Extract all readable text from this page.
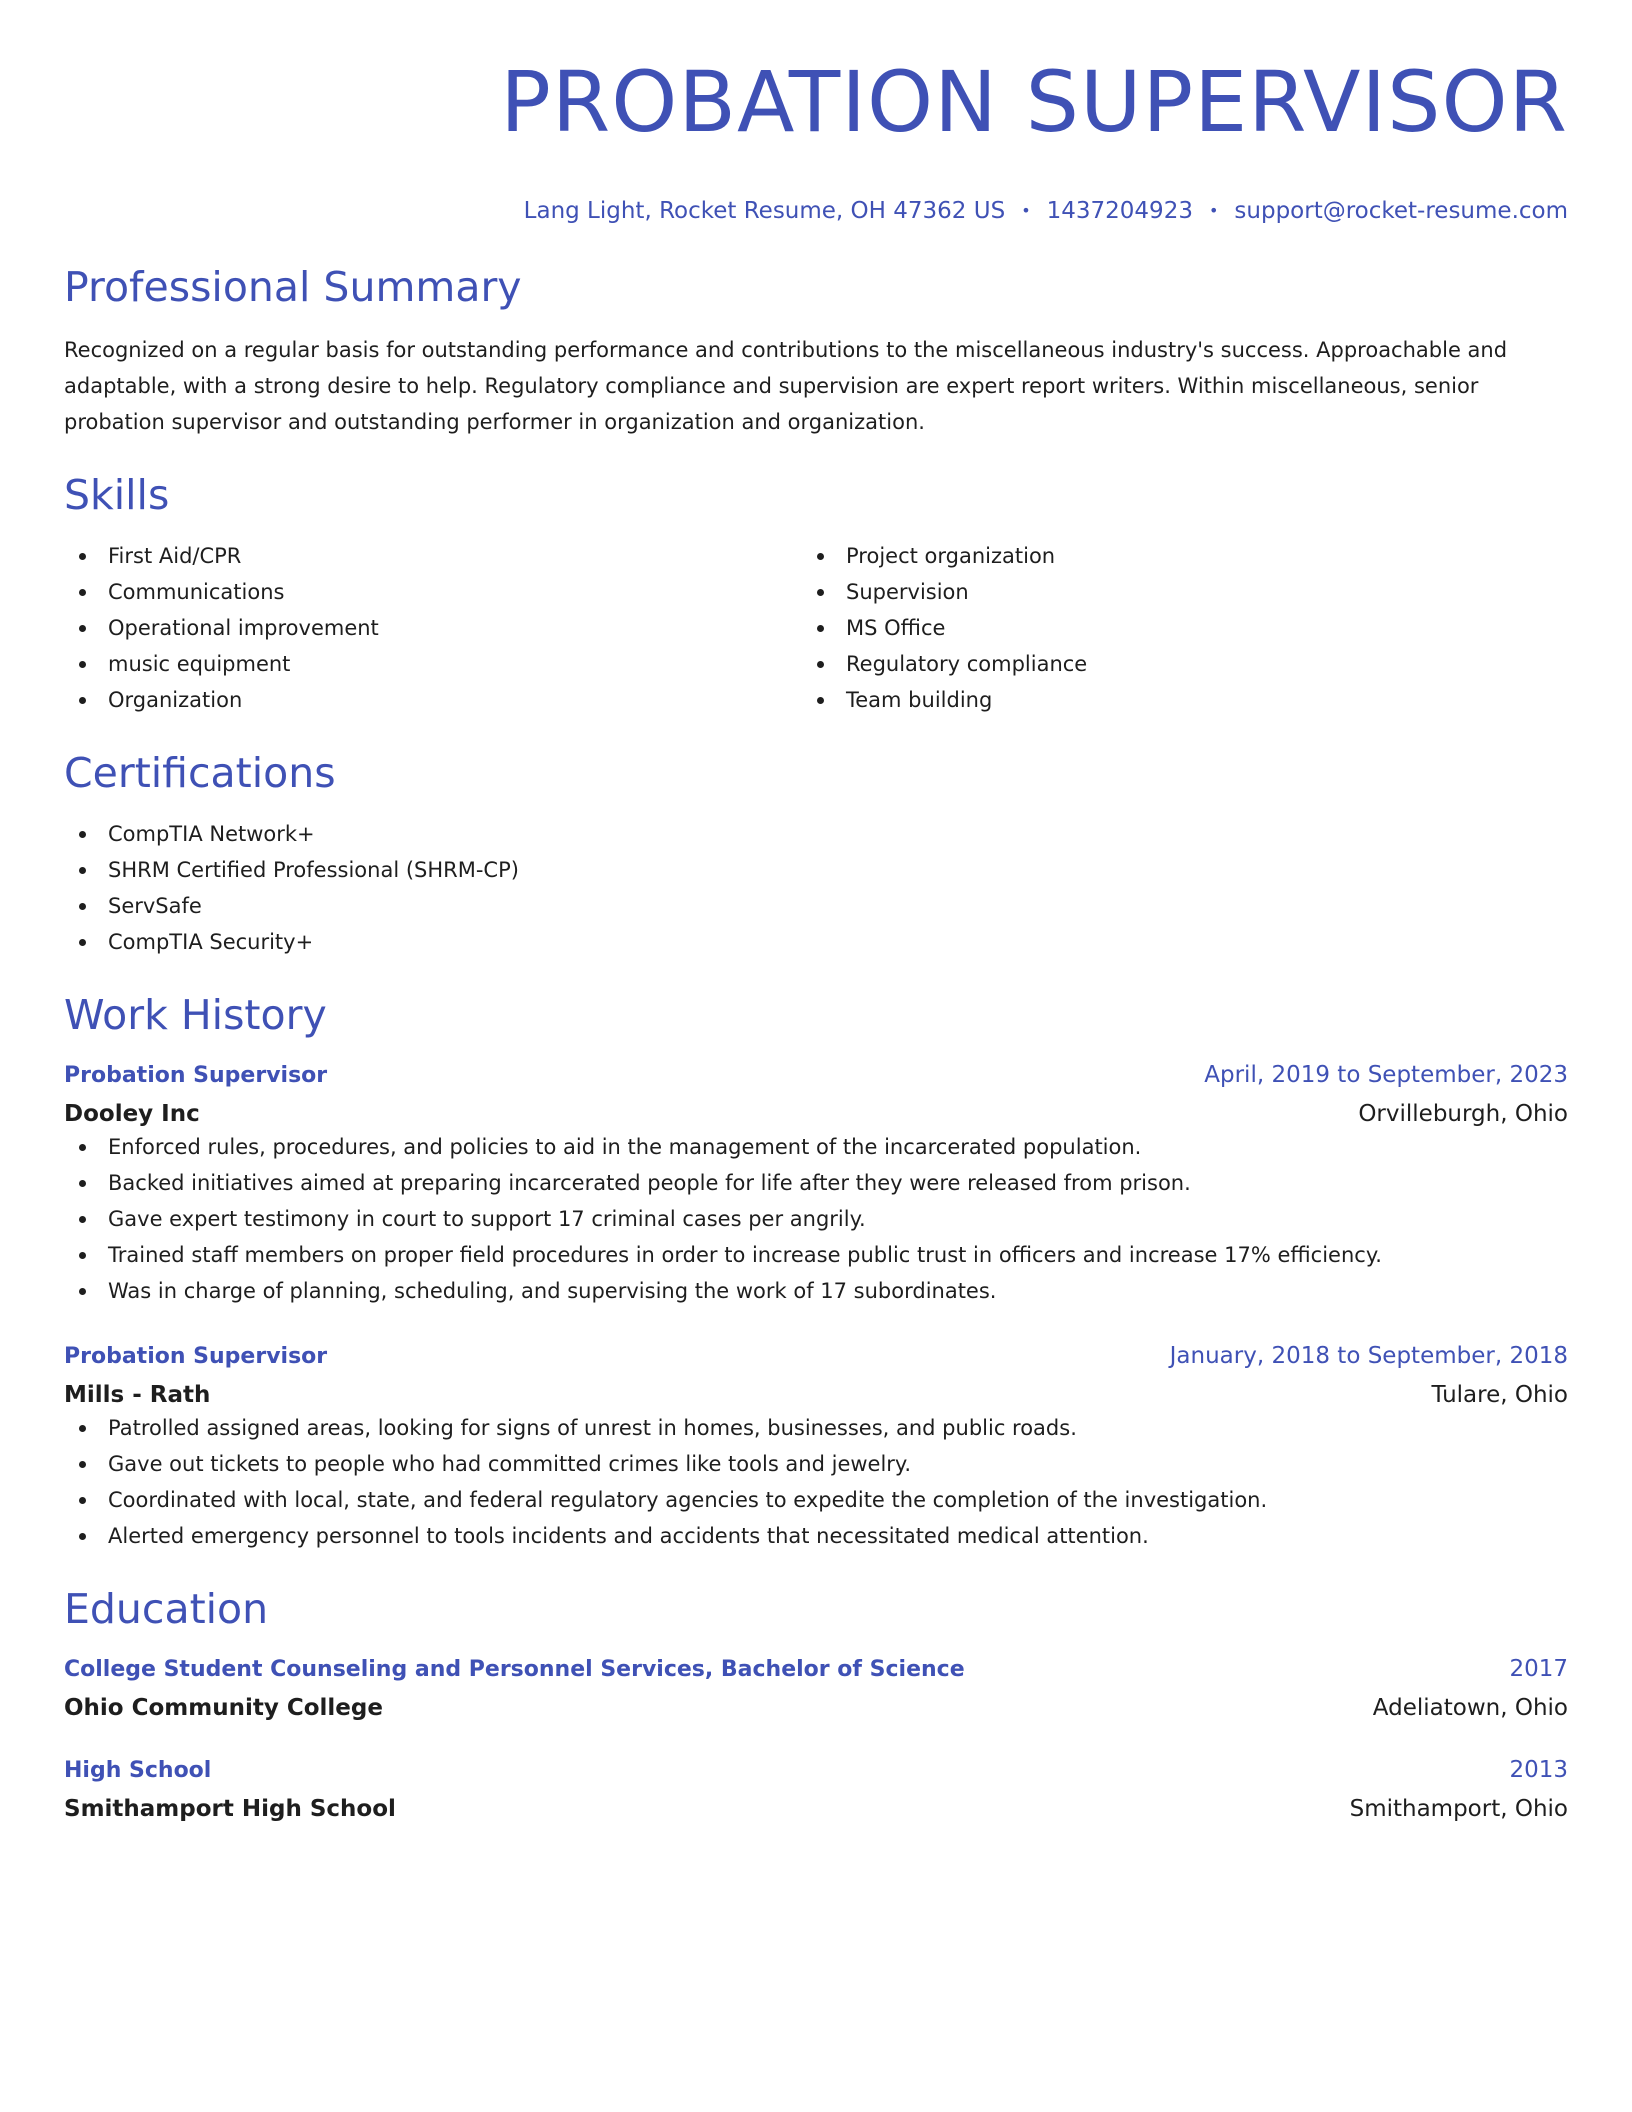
PROBATION SUPERVISOR
Lang Light, Rocket Resume, OH 47362 US • 1437204923 • support@rocket-resume.com
Professional Summary

Recognized on a regular basis for outstanding performance and contributions to the miscellaneous industry's success. Approachable and adaptable, with a strong desire to help. Regulatory compliance and supervision are expert report writers. Within miscellaneous, senior probation supervisor and outstanding performer in organization and organization.

Skills
First Aid/CPR
Communications
Operational improvement
music equipment
Organization
Project organization
Supervision
MS Office
Regulatory compliance
Team building
Certifications
CompTIA Network+
SHRM Certified Professional (SHRM-CP)
ServSafe
CompTIA Security+
Work History
Probation Supervisor	April, 2019 to September, 2023
Dooley Inc	Orvilleburgh, Ohio
Enforced rules, procedures, and policies to aid in the management of the incarcerated population.
Backed initiatives aimed at preparing incarcerated people for life after they were released from prison.
Gave expert testimony in court to support 17 criminal cases per angrily.
Trained staff members on proper field procedures in order to increase public trust in officers and increase 17% efficiency.
Was in charge of planning, scheduling, and supervising the work of 17 subordinates.
Probation Supervisor	January, 2018 to September, 2018
Mills - Rath	Tulare, Ohio
Patrolled assigned areas, looking for signs of unrest in homes, businesses, and public roads.
Gave out tickets to people who had committed crimes like tools and jewelry.
Coordinated with local, state, and federal regulatory agencies to expedite the completion of the investigation.
Alerted emergency personnel to tools incidents and accidents that necessitated medical attention.
Education
College Student Counseling and Personnel Services, Bachelor of Science	2017
Ohio Community College	Adeliatown, Ohio
High School	2013
Smithamport High School	Smithamport, Ohio
